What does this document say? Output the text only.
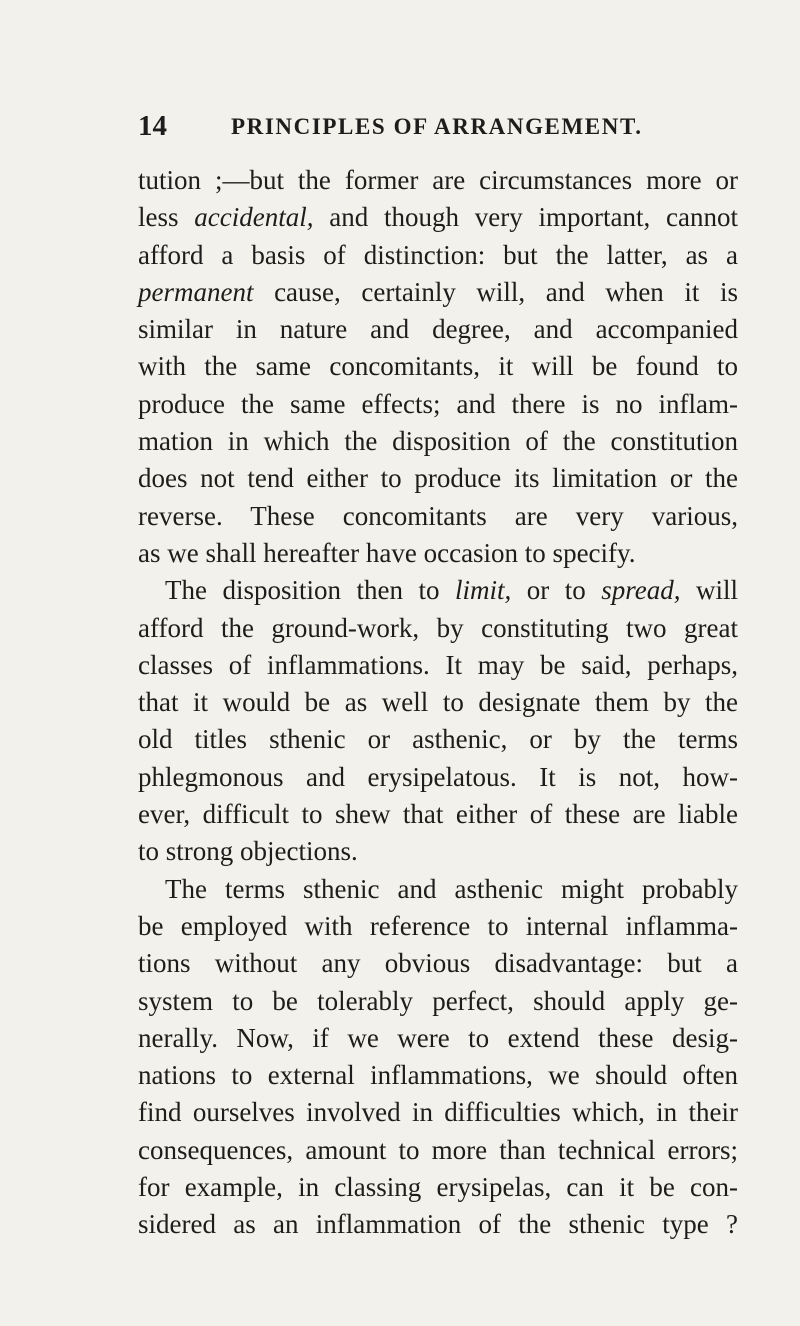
14	PRINCIPLES OF ARRANGEMENT.
tution ;—but the former are circumstances more or
less accidental, and though very important, cannot
afford a basis of distinction: but the latter, as a
permanent cause, certainly will, and when it is
similar in nature and degree, and accompanied
with the same concomitants, it will be found to
produce the same effects; and there is no inflam-
mation in which the disposition of the constitution
does not tend either to produce its limitation or the
reverse. These concomitants are very various,
as we shall hereafter have occasion to specify.
The disposition then to limit, or to spread, will
afford the ground-work, by constituting two great
classes of inflammations. It may be said, perhaps,
that it would be as well to designate them by the
old titles sthenic or asthenic, or by the terms
phlegmonous and erysipelatous. It is not, how-
ever, difficult to shew that either of these are liable
to strong objections.
The terms sthenic and asthenic might probably
be employed with reference to internal inflamma-
tions without any obvious disadvantage: but a
system to be tolerably perfect, should apply ge-
nerally. Now, if we were to extend these desig-
nations to external inflammations, we should often
find ourselves involved in difficulties which, in their
consequences, amount to more than technical errors;
for example, in classing erysipelas, can it be con-
sidered as an inflammation of the sthenic type ?
